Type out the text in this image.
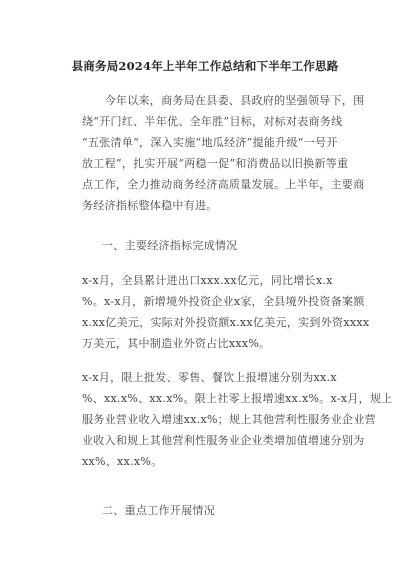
县商务局2024年上半年工作总结和下半年工作思路

　　今年以来，商务局在县委、县政府的坚强领导下，围
绕“开门红、半年优、全年胜”目标，对标对表商务线
“五张清单”，深入实施“地瓜经济”提能升级“一号开
放工程”，扎实开展“两稳一促”和消费品以旧换新等重
点工作，全力推动商务经济高质量发展。上半年，主要商
务经济指标整体稳中有进。

一、主要经济指标完成情况

x-x月，全县累计进出口xxx.xx亿元，同比增长x.x
%。x-x月，新增境外投资企业x家，全县境外投资备案额
x.xx亿美元，实际对外投资额x.xx亿美元，实到外资xxxx
万美元，其中制造业外资占比xxx%。

x-x月，限上批发、零售、餐饮上报增速分别为xx.x
%、xx.x%、xx.x%。限上社零上报增速xx.x%。x-x月，规上
服务业营业收入增速xx.x%；规上其他营利性服务业企业营
业收入和规上其他营利性服务业企业类增加值增速分别为
xx%、xx.x%。

二、重点工作开展情况
